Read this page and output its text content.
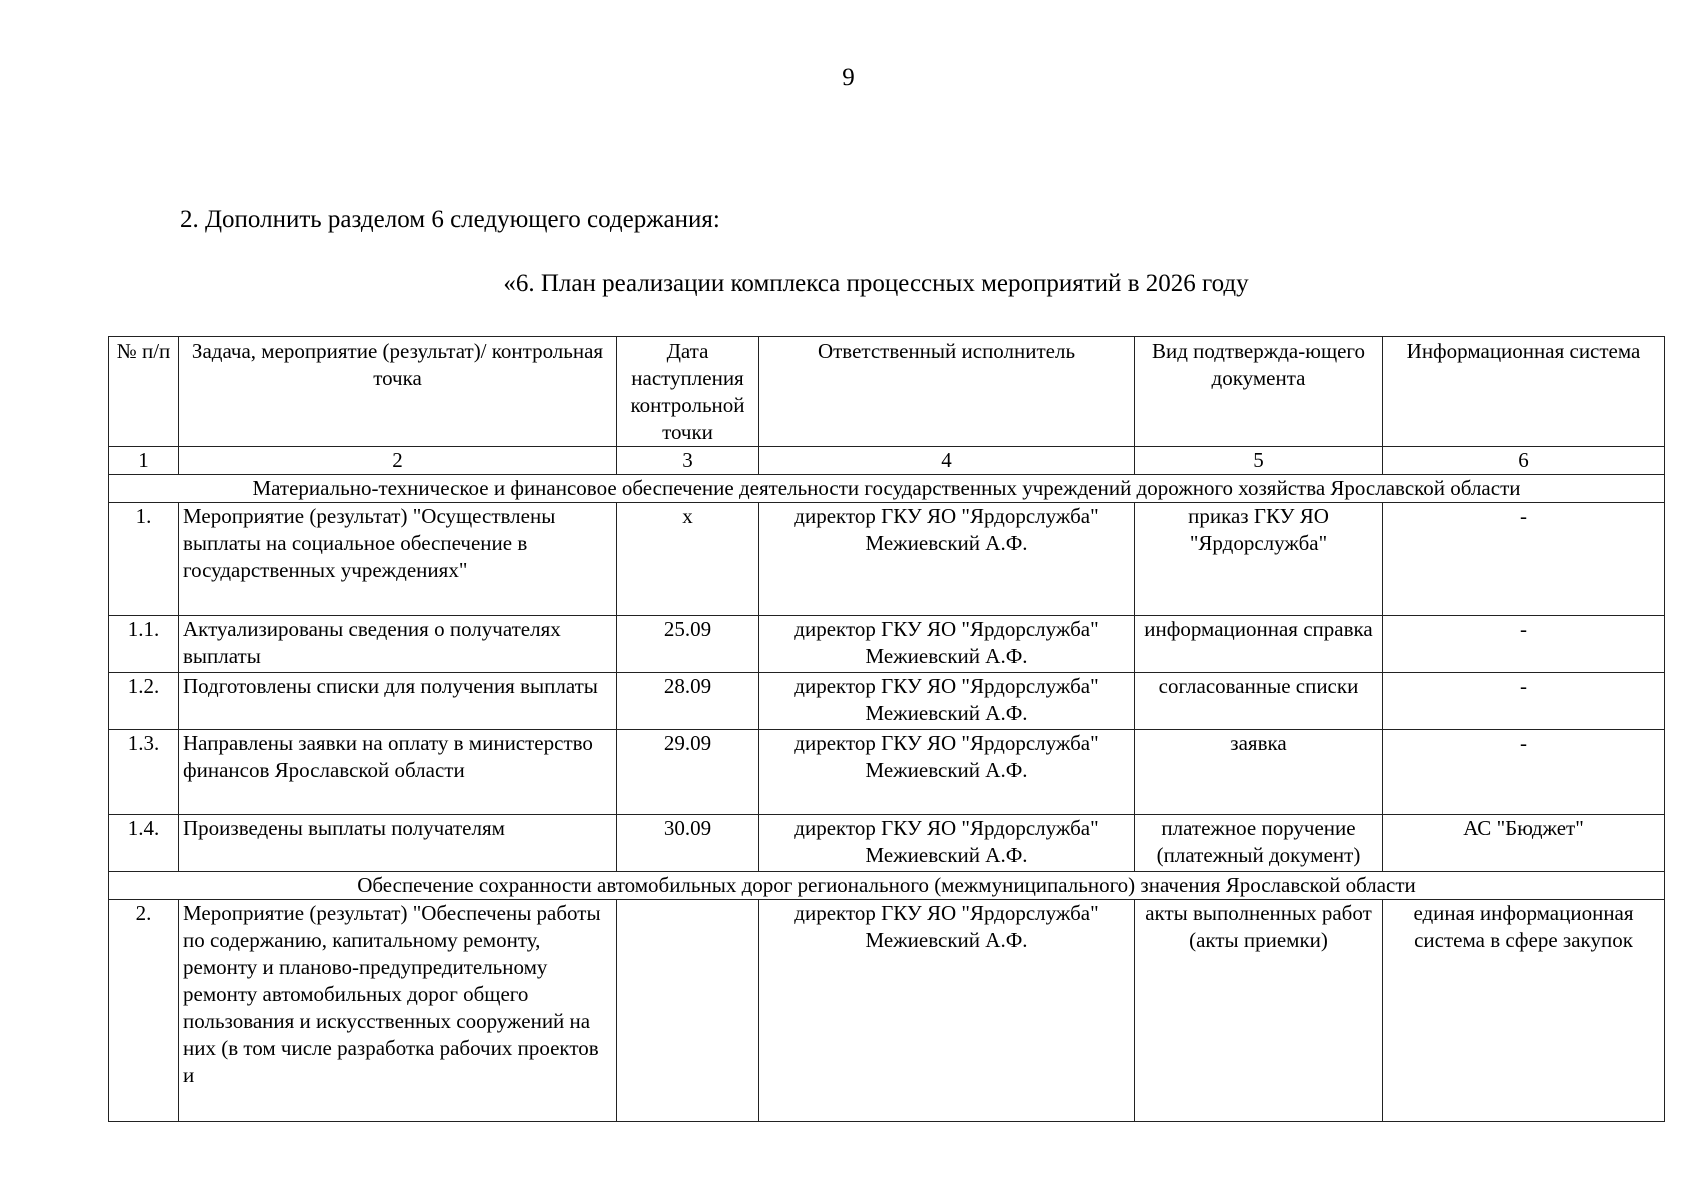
9
2. Дополнить разделом 6 следующего содержания:
«6. План реализации комплекса процессных мероприятий в 2026 году
№ п/п	Задача, мероприятие (результат)/ контрольная точка	Дата наступления контрольной точки	Ответственный исполнитель	Вид подтвержда-ющего документа	Информационная система
1	2	3	4	5	6
Материально-техническое и финансовое обеспечение деятельности государственных учреждений дорожного хозяйства Ярославской области					
1.	Мероприятие (результат) "Осуществлены выплаты на социальное обеспечение в государственных учреждениях"	x	директор ГКУ ЯО "Ярдорслужба" Межиевский А.Ф.	приказ ГКУ ЯО "Ярдорслужба"	-
1.1.	Актуализированы сведения о получателях выплаты	25.09	директор ГКУ ЯО "Ярдорслужба" Межиевский А.Ф.	информационная справка	-
1.2.	Подготовлены списки для получения выплаты	28.09	директор ГКУ ЯО "Ярдорслужба" Межиевский А.Ф.	согласованные списки	-
1.3.	Направлены заявки на оплату в министерство финансов Ярославской области	29.09	директор ГКУ ЯО "Ярдорслужба" Межиевский А.Ф.	заявка	-
1.4.	Произведены выплаты получателям	30.09	директор ГКУ ЯО "Ярдорслужба" Межиевский А.Ф.	платежное поручение (платежный документ)	АС "Бюджет"
Обеспечение сохранности автомобильных дорог регионального (межмуниципального) значения Ярославской области					
2.	Мероприятие (результат) "Обеспечены работы по содержанию, капитальному ремонту, ремонту и планово-предупредительному ремонту автомобильных дорог общего пользования и искусственных сооружений на них (в том числе разработка рабочих проектов и		директор ГКУ ЯО "Ярдорслужба" Межиевский А.Ф.	акты выполненных работ (акты приемки)	единая информационная система в сфере закупок
